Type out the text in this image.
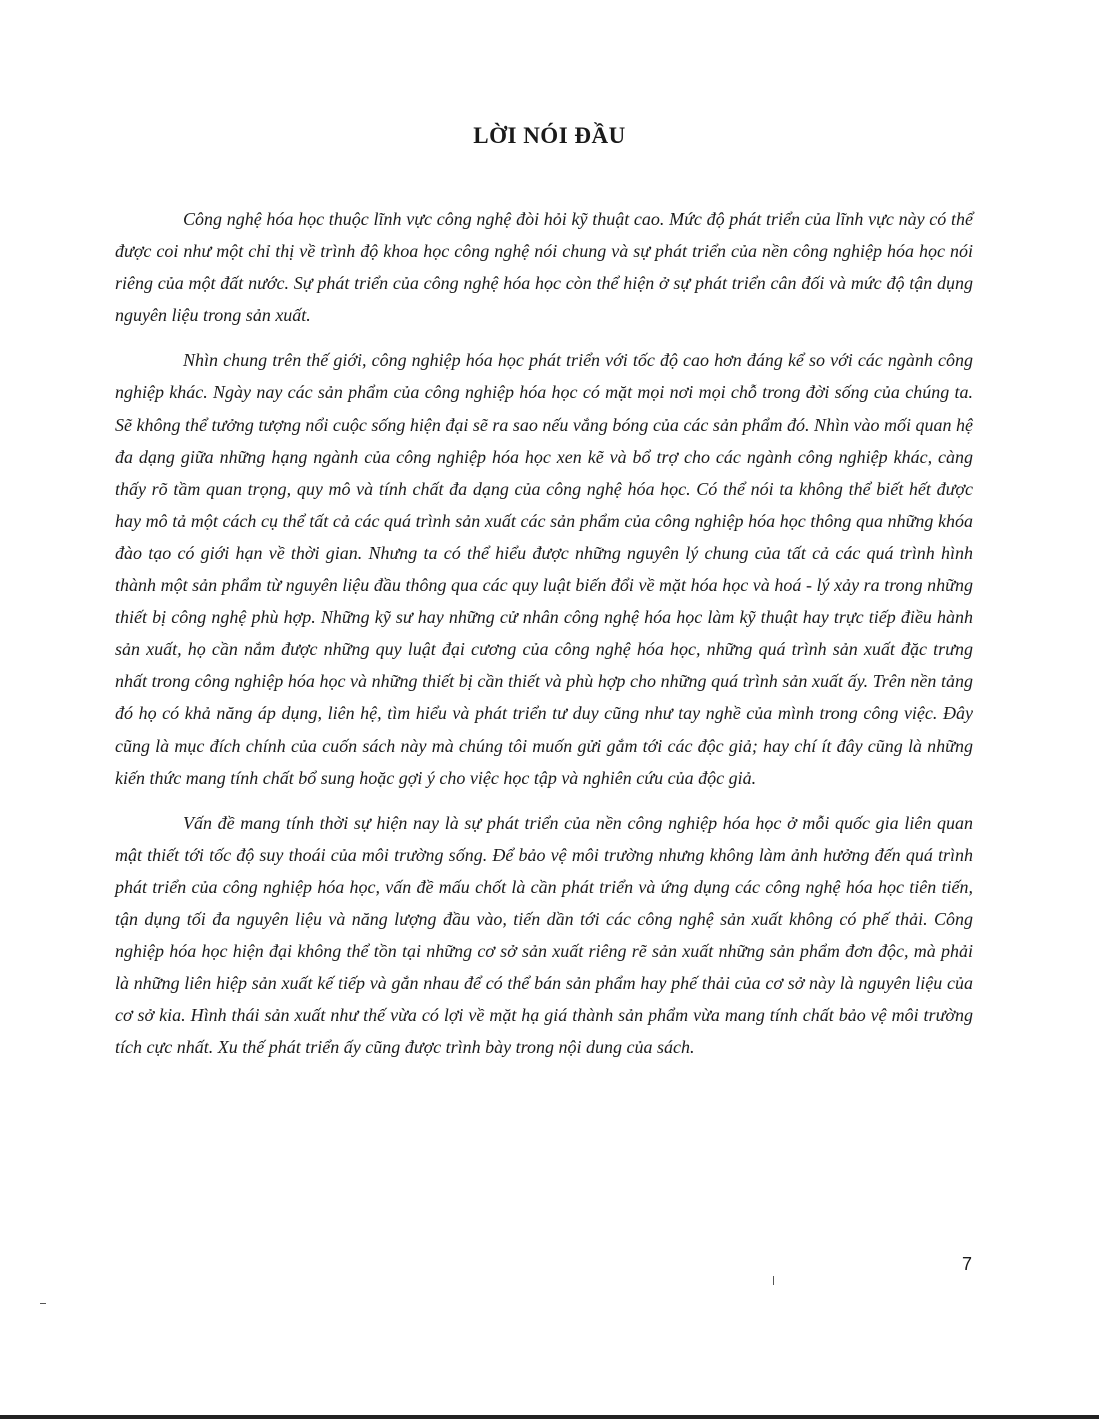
LỜI NÓI ĐẦU

Công nghệ hóa học thuộc lĩnh vực công nghệ đòi hỏi kỹ thuật cao. Mức độ phát triển của lĩnh vực này có thể được coi như một chỉ thị về trình độ khoa học công nghệ nói chung và sự phát triển của nền công nghiệp hóa học nói riêng của một đất nước. Sự phát triển của công nghệ hóa học còn thể hiện ở sự phát triển cân đối và mức độ tận dụng nguyên liệu trong sản xuất.

Nhìn chung trên thế giới, công nghiệp hóa học phát triển với tốc độ cao hơn đáng kể so với các ngành công nghiệp khác. Ngày nay các sản phẩm của công nghiệp hóa học có mặt mọi nơi mọi chỗ trong đời sống của chúng ta. Sẽ không thể tưởng tượng nổi cuộc sống hiện đại sẽ ra sao nếu vắng bóng của các sản phẩm đó. Nhìn vào mối quan hệ đa dạng giữa những hạng ngành của công nghiệp hóa học xen kẽ và bổ trợ cho các ngành công nghiệp khác, càng thấy rõ tầm quan trọng, quy mô và tính chất đa dạng của công nghệ hóa học. Có thể nói ta không thể biết hết được hay mô tả một cách cụ thể tất cả các quá trình sản xuất các sản phẩm của công nghiệp hóa học thông qua những khóa đào tạo có giới hạn về thời gian. Nhưng ta có thể hiểu được những nguyên lý chung của tất cả các quá trình hình thành một sản phẩm từ nguyên liệu đầu thông qua các quy luật biến đổi về mặt hóa học và hoá - lý xảy ra trong những thiết bị công nghệ phù hợp. Những kỹ sư hay những cử nhân công nghệ hóa học làm kỹ thuật hay trực tiếp điều hành sản xuất, họ cần nắm được những quy luật đại cương của công nghệ hóa học, những quá trình sản xuất đặc trưng nhất trong công nghiệp hóa học và những thiết bị cần thiết và phù hợp cho những quá trình sản xuất ấy. Trên nền tảng đó họ có khả năng áp dụng, liên hệ, tìm hiểu và phát triển tư duy cũng như tay nghề của mình trong công việc. Đây cũng là mục đích chính của cuốn sách này mà chúng tôi muốn gửi gắm tới các độc giả; hay chí ít đây cũng là những kiến thức mang tính chất bổ sung hoặc gợi ý cho việc học tập và nghiên cứu của độc giả.

Vấn đề mang tính thời sự hiện nay là sự phát triển của nền công nghiệp hóa học ở mỗi quốc gia liên quan mật thiết tới tốc độ suy thoái của môi trường sống. Để bảo vệ môi trường nhưng không làm ảnh hưởng đến quá trình phát triển của công nghiệp hóa học, vấn đề mấu chốt là cần phát triển và ứng dụng các công nghệ hóa học tiên tiến, tận dụng tối đa nguyên liệu và năng lượng đầu vào, tiến dần tới các công nghệ sản xuất không có phế thải. Công nghiệp hóa học hiện đại không thể tồn tại những cơ sở sản xuất riêng rẽ sản xuất những sản phẩm đơn độc, mà phải là những liên hiệp sản xuất kế tiếp và gắn nhau để có thể bán sản phẩm hay phế thải của cơ sở này là nguyên liệu của cơ sở kia. Hình thái sản xuất như thế vừa có lợi về mặt hạ giá thành sản phẩm vừa mang tính chất bảo vệ môi trường tích cực nhất. Xu thế phát triển ấy cũng được trình bày trong nội dung của sách.

7
